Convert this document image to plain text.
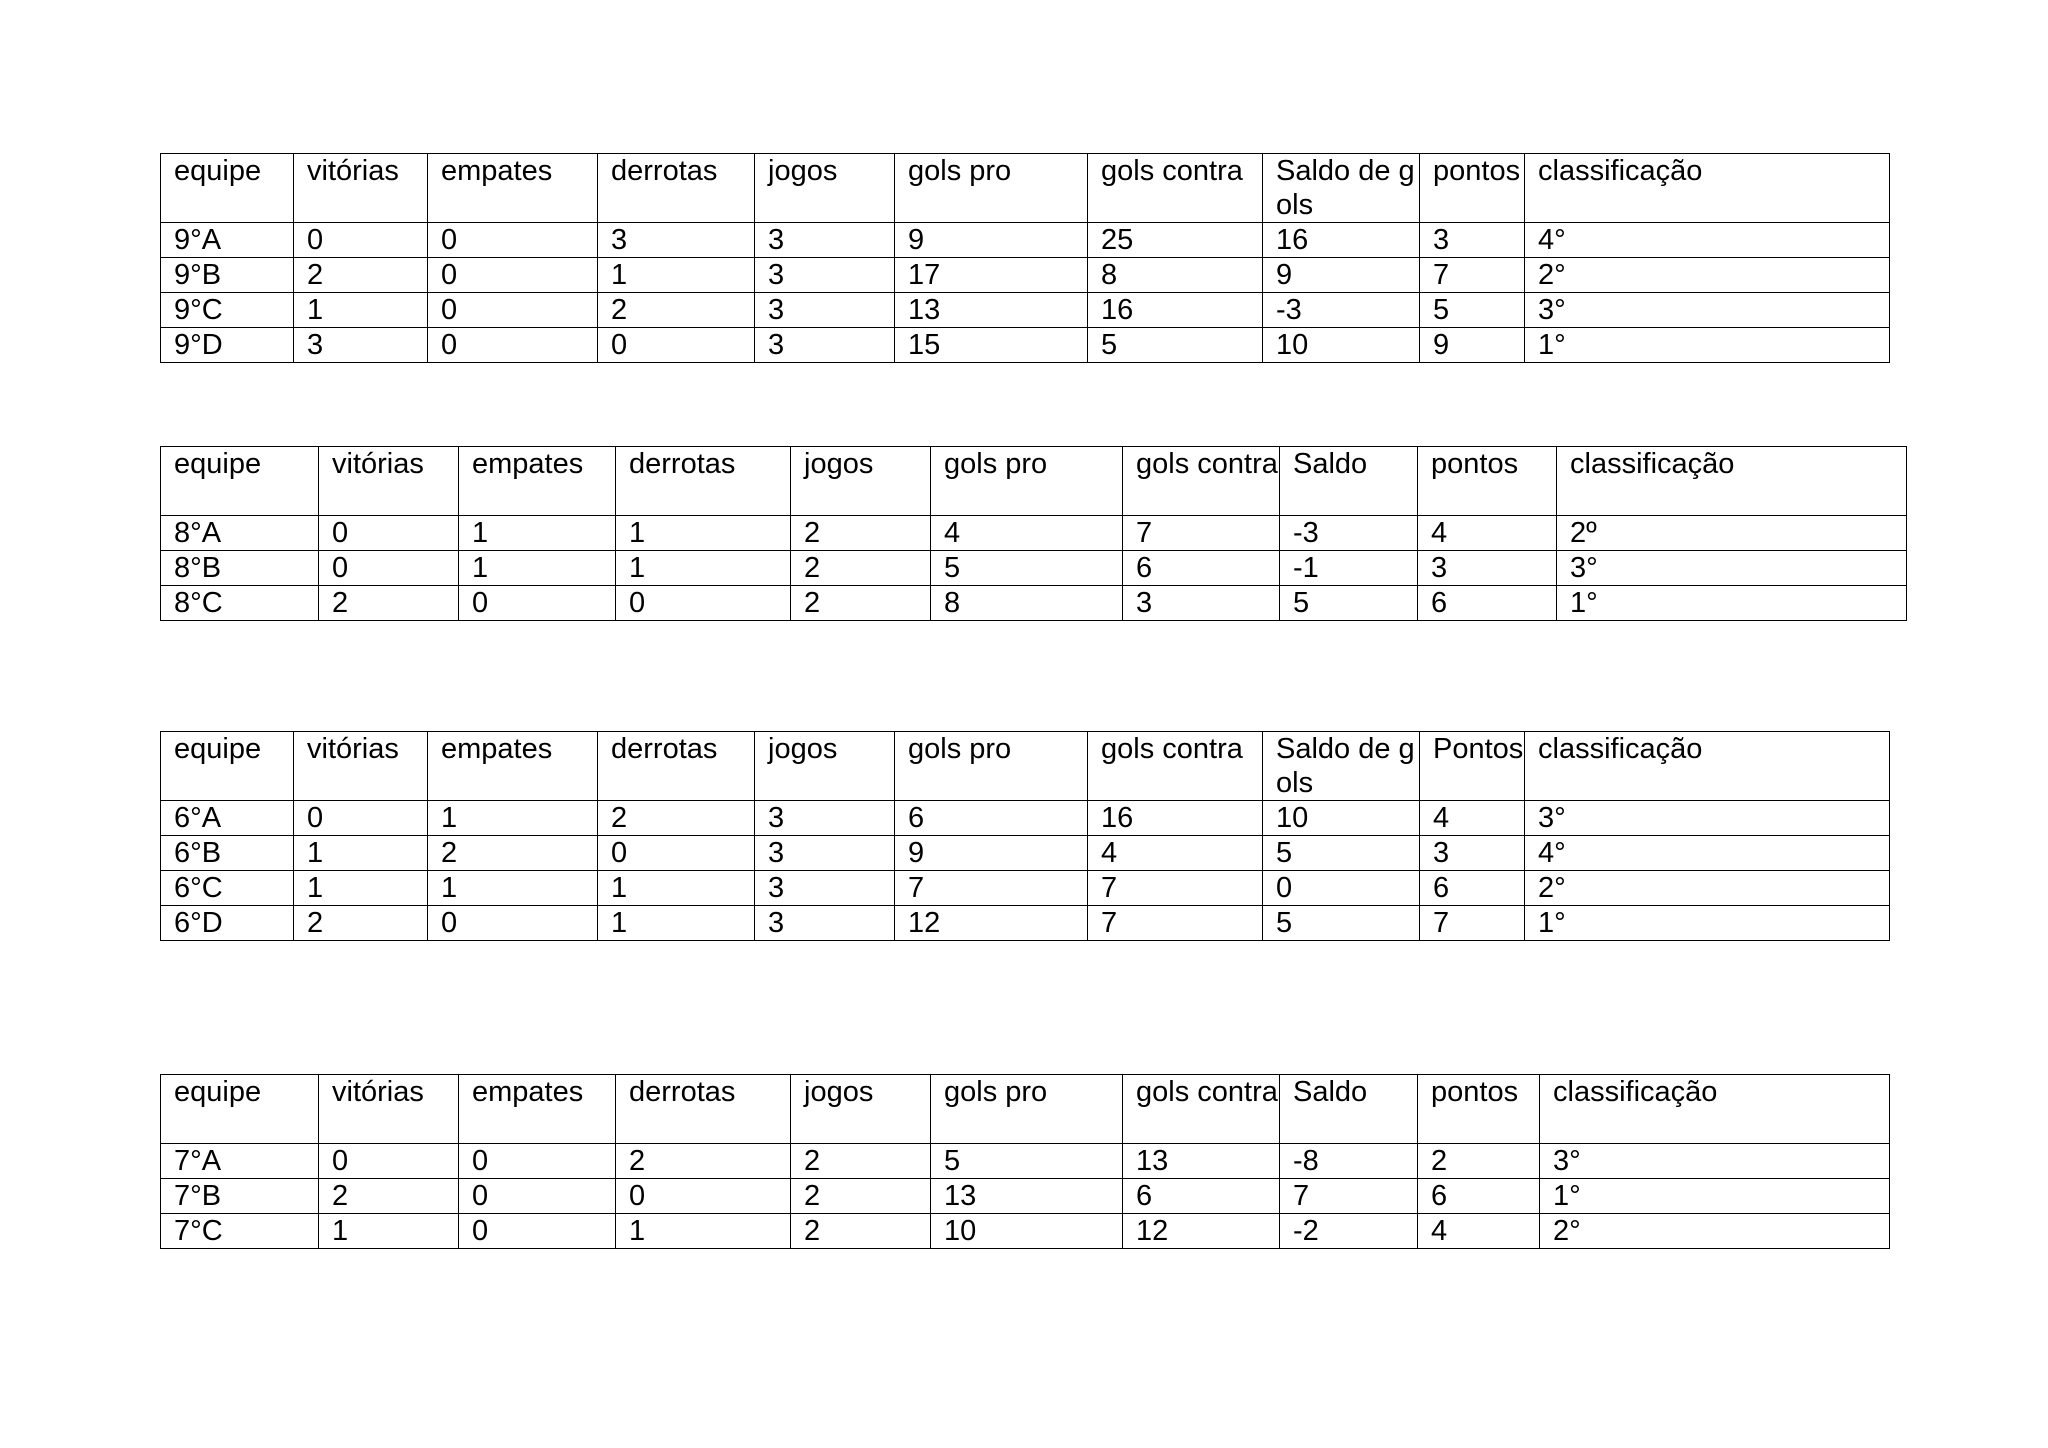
equipe	vitórias	empates	derrotas	jogos	gols pro	gols contra	Saldo de gols	pontos	classificação
9°A	0	0	3	3	9	25	16	3	4°
9°B	2	0	1	3	17	8	9	7	2°
9°C	1	0	2	3	13	16	-3	5	3°
9°D	3	0	0	3	15	5	10	9	1°
equipe	vitórias	empates	derrotas	jogos	gols pro	gols contra	Saldo	pontos	classificação
8°A	0	1	1	2	4	7	-3	4	2º
8°B	0	1	1	2	5	6	-1	3	3°
8°C	2	0	0	2	8	3	5	6	1°
equipe	vitórias	empates	derrotas	jogos	gols pro	gols contra	Saldo de gols	Pontos	classificação
6°A	0	1	2	3	6	16	10	4	3°
6°B	1	2	0	3	9	4	5	3	4°
6°C	1	1	1	3	7	7	0	6	2°
6°D	2	0	1	3	12	7	5	7	1°
equipe	vitórias	empates	derrotas	jogos	gols pro	gols contra	Saldo	pontos	classificação
7°A	0	0	2	2	5	13	-8	2	3°
7°B	2	0	0	2	13	6	7	6	1°
7°C	1	0	1	2	10	12	-2	4	2°
